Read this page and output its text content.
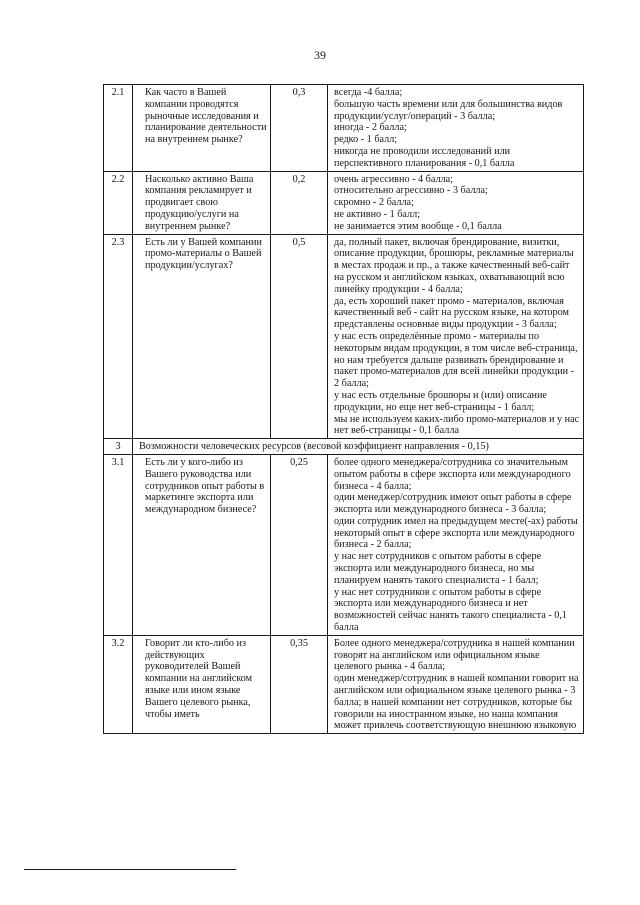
39
2.1	Как часто в Вашей компании проводятся рыночные исследования и планирование деятельности на внутреннем рынке?	0,3	всегда -4 балла;
большую часть времени или для большинства видов продукции/услуг/операций - 3 балла;
иногда - 2 балла;
редко - 1 балл;
никогда не проводили исследований или перспективного планирования - 0,1 балла

2.2	Насколько активно Ваша компания рекламирует и продвигает свою продукцию/услуги на внутреннем рынке?	0,2	очень агрессивно - 4 балла;
относительно агрессивно - 3 балла;
скромно - 2 балла;
не активно - 1 балл;
не занимается этим вообще - 0,1 балла

2.3	Есть ли у Вашей компании промо-материалы о Вашей продукции/услугах?	0,5	да, полный пакет, включая брендирование, визитки, описание продукции, брошюры, рекламные материалы в местах продаж и пр., а также качественный веб-сайт на русском и английском языках, охватывающий всю линейку продукции - 4 балла;
да, есть хороший пакет промо - материалов, включая качественный веб - сайт на русском языке, на котором представлены основные виды продукции - 3 балла;
у нас есть определённые промо - материалы по некоторым видам продукции, в том числе веб-страница, но нам требуется дальше развивать брендирование и пакет промо-материалов для всей линейки продукции - 2 балла;
у нас есть отдельные брошюры и (или) описание продукции, но еще нет веб-страницы - 1 балл;
мы не используем каких-либо промо-материалов и у нас нет веб-страницы - 0,1 балла

3	Возможности человеческих ресурсов (весовой коэффициент направления - 0,15)		
3.1	Есть ли у кого-либо из Вашего руководства или сотрудников опыт работы в маркетинге экспорта или международном бизнесе?	0,25	более одного менеджера/сотрудника со значительным опытом работы в сфере экспорта или международного бизнеса - 4 балла;
один менеджер/сотрудник имеют опыт работы в сфере экспорта или международного бизнеса - 3 балла;
один сотрудник имел на предыдущем месте(-ах) работы некоторый опыт в сфере экспорта или международного бизнеса - 2 балла;
у нас нет сотрудников с опытом работы в сфере экспорта или международного бизнеса, но мы планируем нанять такого специалиста - 1 балл;
у нас нет сотрудников с опытом работы в сфере экспорта или международного бизнеса и нет возможностей сейчас нанять такого специалиста - 0,1 балла

3.2	Говорит ли кто-либо из действующих руководителей Вашей компании на английском языке или ином языке Вашего целевого рынка, чтобы иметь	0,35	Более одного менеджера/сотрудника в нашей компании говорят на английском или официальном языке целевого рынка - 4 балла;
один менеджер/сотрудник в нашей компании говорит на английском или официальном языке целевого рынка - 3 балла; в нашей компании нет сотрудников, которые бы говорили на иностранном языке, но наша компания может привлечь соответствующую внешнюю языковую
